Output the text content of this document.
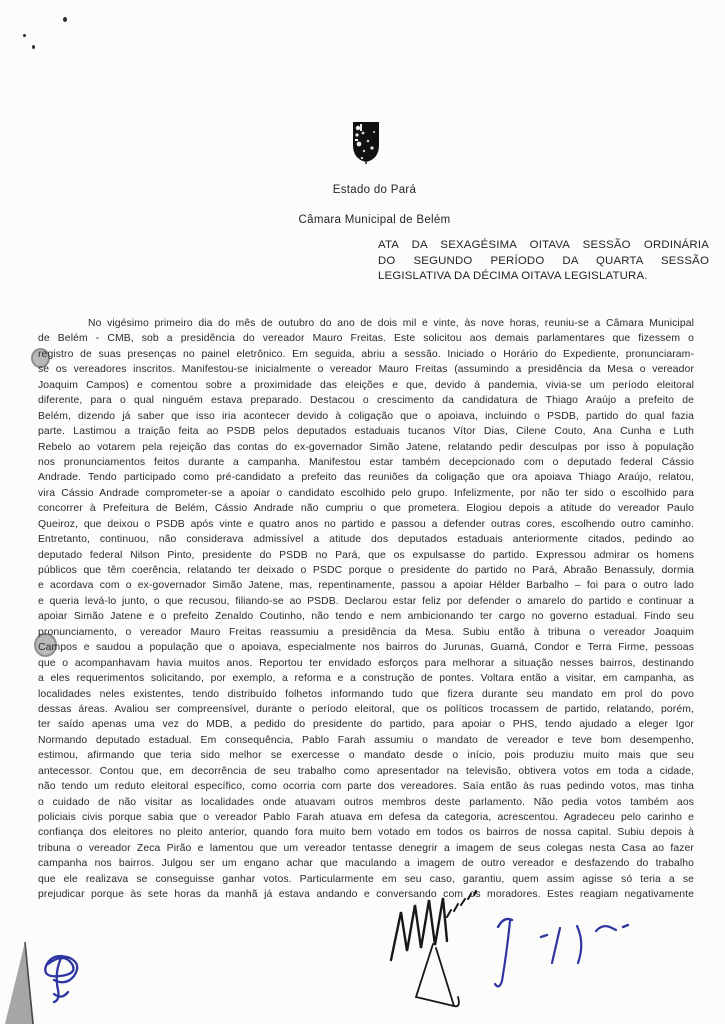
Estado do Pará
Câmara Municipal de Belém
ATA DA SEXAGÉSIMA OITAVA SESSÃO ORDINÁRIA
DO SEGUNDO PERÍODO DA QUARTA SESSÃO
LEGISLATIVA DA DÉCIMA OITAVA LEGISLATURA.
No vigésimo primeiro dia do mês de outubro do ano de dois mil e vinte, às nove horas, reuniu-se a Câmara Municipal
de Belém - CMB, sob a presidência do vereador Mauro Freitas. Este solicitou aos demais parlamentares que fizessem o
registro de suas presenças no painel eletrônico. Em seguida, abriu a sessão. Iniciado o Horário do Expediente, pronunciaram-
se os vereadores inscritos. Manifestou-se inicialmente o vereador Mauro Freitas (assumindo a presidência da Mesa o vereador
Joaquim Campos) e comentou sobre a proximidade das eleições e que, devido à pandemia, vivia-se um período eleitoral
diferente, para o qual ninguém estava preparado. Destacou o crescimento da candidatura de Thiago Araújo a prefeito de
Belém, dizendo já saber que isso iria acontecer devido à coligação que o apoiava, incluindo o PSDB, partido do qual fazia
parte. Lastimou a traição feita ao PSDB pelos deputados estaduais tucanos Vítor Dias, Cilene Couto, Ana Cunha e Luth
Rebelo ao votarem pela rejeição das contas do ex-governador Simão Jatene, relatando pedir desculpas por isso à população
nos pronunciamentos feitos durante a campanha. Manifestou estar também decepcionado com o deputado federal Cássio
Andrade. Tendo participado como pré-candidato a prefeito das reuniões da coligação que ora apoiava Thiago Araújo, relatou,
vira Cássio Andrade comprometer-se a apoiar o candidato escolhido pelo grupo. Infelizmente, por não ter sido o escolhido para
concorrer à Prefeitura de Belém, Cássio Andrade não cumpriu o que prometera. Elogiou depois a atitude do vereador Paulo
Queiroz, que deixou o PSDB após vinte e quatro anos no partido e passou a defender outras cores, escolhendo outro caminho.
Entretanto, continuou, não considerava admissível a atitude dos deputados estaduais anteriormente citados, pedindo ao
deputado federal Nilson Pinto, presidente do PSDB no Pará, que os expulsasse do partido. Expressou admirar os homens
públicos que têm coerência, relatando ter deixado o PSDC porque o presidente do partido no Pará, Abraão Benassuly, dormia
e acordava com o ex-governador Simão Jatene, mas, repentinamente, passou a apoiar Hélder Barbalho – foi para o outro lado
e queria levá-lo junto, o que recusou, filiando-se ao PSDB. Declarou estar feliz por defender o amarelo do partido e continuar a
apoiar Simão Jatene e o prefeito Zenaldo Coutinho, não tendo e nem ambicionando ter cargo no governo estadual. Findo seu
pronunciamento, o vereador Mauro Freitas reassumiu a presidência da Mesa. Subiu então à tribuna o vereador Joaquim
Campos e saudou a população que o apoiava, especialmente nos bairros do Jurunas, Guamá, Condor e Terra Firme, pessoas
que o acompanhavam havia muitos anos. Reportou ter envidado esforços para melhorar a situação nesses bairros, destinando
a eles requerimentos solicitando, por exemplo, a reforma e a construção de pontes. Voltara então a visitar, em campanha, as
localidades neles existentes, tendo distribuído folhetos informando tudo que fizera durante seu mandato em prol do povo
dessas áreas. Avaliou ser compreensível, durante o período eleitoral, que os políticos trocassem de partido, relatando, porém,
ter saído apenas uma vez do MDB, a pedido do presidente do partido, para apoiar o PHS, tendo ajudado a eleger Igor
Normando deputado estadual. Em consequência, Pablo Farah assumiu o mandato de vereador e teve bom desempenho,
estimou, afirmando que teria sido melhor se exercesse o mandato desde o início, pois produziu muito mais que seu
antecessor. Contou que, em decorrência de seu trabalho como apresentador na televisão, obtivera votos em toda a cidade,
não tendo um reduto eleitoral específico, como ocorria com parte dos vereadores. Saía então às ruas pedindo votos, mas tinha
o cuidado de não visitar as localidades onde atuavam outros membros deste parlamento. Não pedia votos também aos
policiais civis porque sabia que o vereador Pablo Farah atuava em defesa da categoria, acrescentou. Agradeceu pelo carinho e
confiança dos eleitores no pleito anterior, quando fora muito bem votado em todos os bairros de nossa capital. Subiu depois à
tribuna o vereador Zeca Pirão e lamentou que um vereador tentasse denegrir a imagem de seus colegas nesta Casa ao fazer
campanha nos bairros. Julgou ser um engano achar que maculando a imagem de outro vereador e desfazendo do trabalho
que ele realizava se conseguisse ganhar votos. Particularmente em seu caso, garantiu, quem assim agisse só teria a se
prejudicar porque às sete horas da manhã já estava andando e conversando com os moradores. Estes reagiam negativamente
